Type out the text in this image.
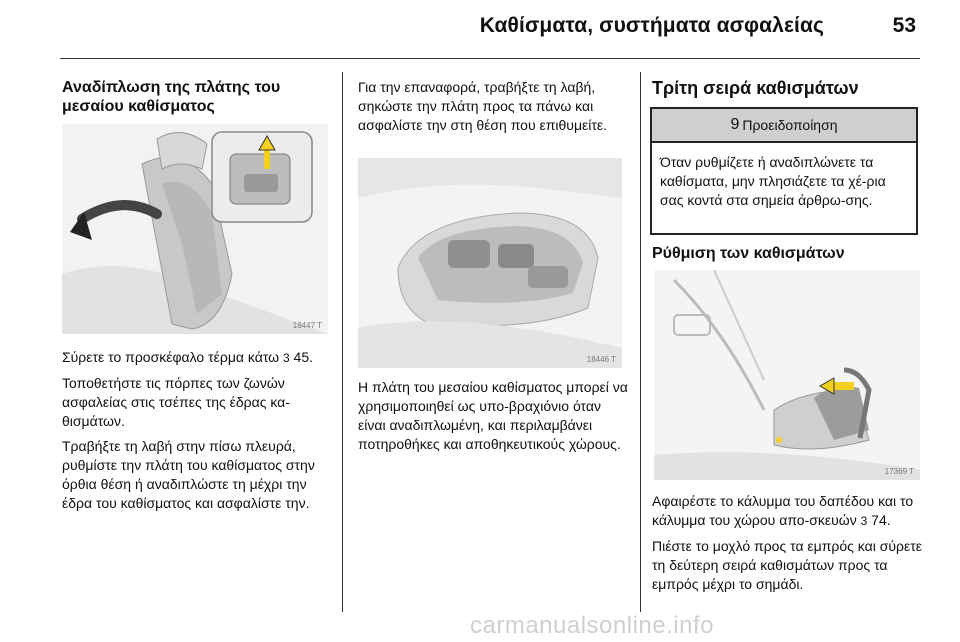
Καθίσματα, συστήματα ασφαλείας	53
Αναδίπλωση της πλάτης του μεσαίου καθίσματος
18447 T

Σύρετε το προσκέφαλο τέρμα κάτω 3 45.

Τοποθετήστε τις πόρπες των ζωνών ασφαλείας στις τσέπες της έδρας κα-θισμάτων.

Τραβήξτε τη λαβή στην πίσω πλευρά, ρυθμίστε την πλάτη του καθίσματος στην όρθια θέση ή αναδιπλώστε τη μέχρι την έδρα του καθίσματος και ασφαλίστε την.

Για την επαναφορά, τραβήξτε τη λαβή, σηκώστε την πλάτη προς τα πάνω και ασφαλίστε την στη θέση που επιθυμείτε.

18446 T

Η πλάτη του μεσαίου καθίσματος μπορεί να χρησιμοποιηθεί ως υπο-βραχιόνιο όταν είναι αναδιπλωμένη, και περιλαμβάνει ποτηροθήκες και αποθηκευτικούς χώρους.

Τρίτη σειρά καθισμάτων
9 Προειδοποίηση
Όταν ρυθμίζετε ή αναδιπλώνετε τα καθίσματα, μην πλησιάζετε τα χέ-ρια σας κοντά στα σημεία άρθρω-σης.
Ρύθμιση των καθισμάτων
17369 T

Αφαιρέστε το κάλυμμα του δαπέδου και το κάλυμμα του χώρου απο-σκευών 3 74.

Πιέστε το μοχλό προς τα εμπρός και σύρετε τη δεύτερη σειρά καθισμάτων προς τα εμπρός μέχρι το σημάδι.

carmanualsonline.info
